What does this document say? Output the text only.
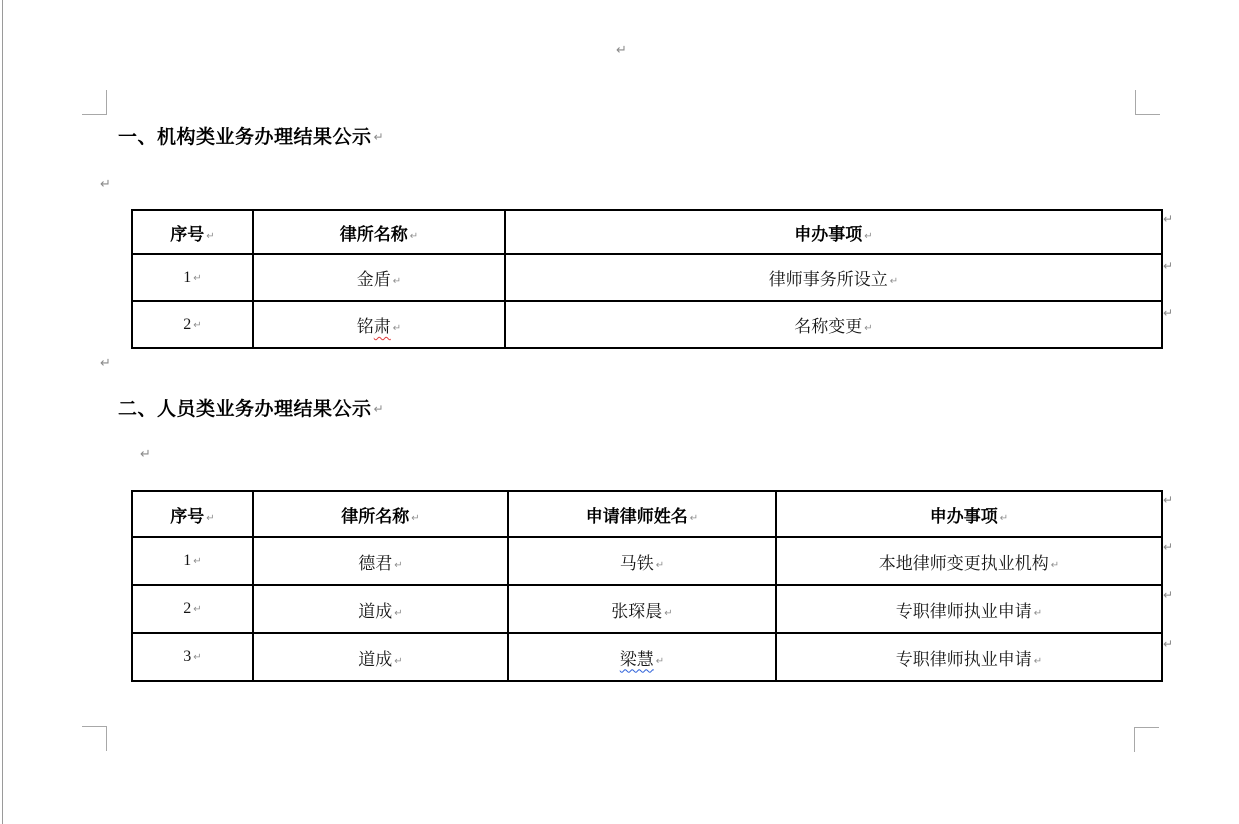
↵
↵
↵
↵
一、机构类业务办理结果公示 ↵
序号 ↵	律所名称 ↵	申办事项 ↵
1 ↵	金盾 ↵	律师事务所设立 ↵
2 ↵	铭肃 ↵	名称变更 ↵
↵
↵
↵
二、人员类业务办理结果公示 ↵
序号 ↵	律所名称 ↵	申请律师姓名 ↵	申办事项 ↵
1 ↵	德君 ↵	马铁 ↵	本地律师变更执业机构 ↵
2 ↵	道成 ↵	张琛晨 ↵	专职律师执业申请 ↵
3 ↵	道成 ↵	梁慧 ↵	专职律师执业申请 ↵
↵
↵
↵
↵
